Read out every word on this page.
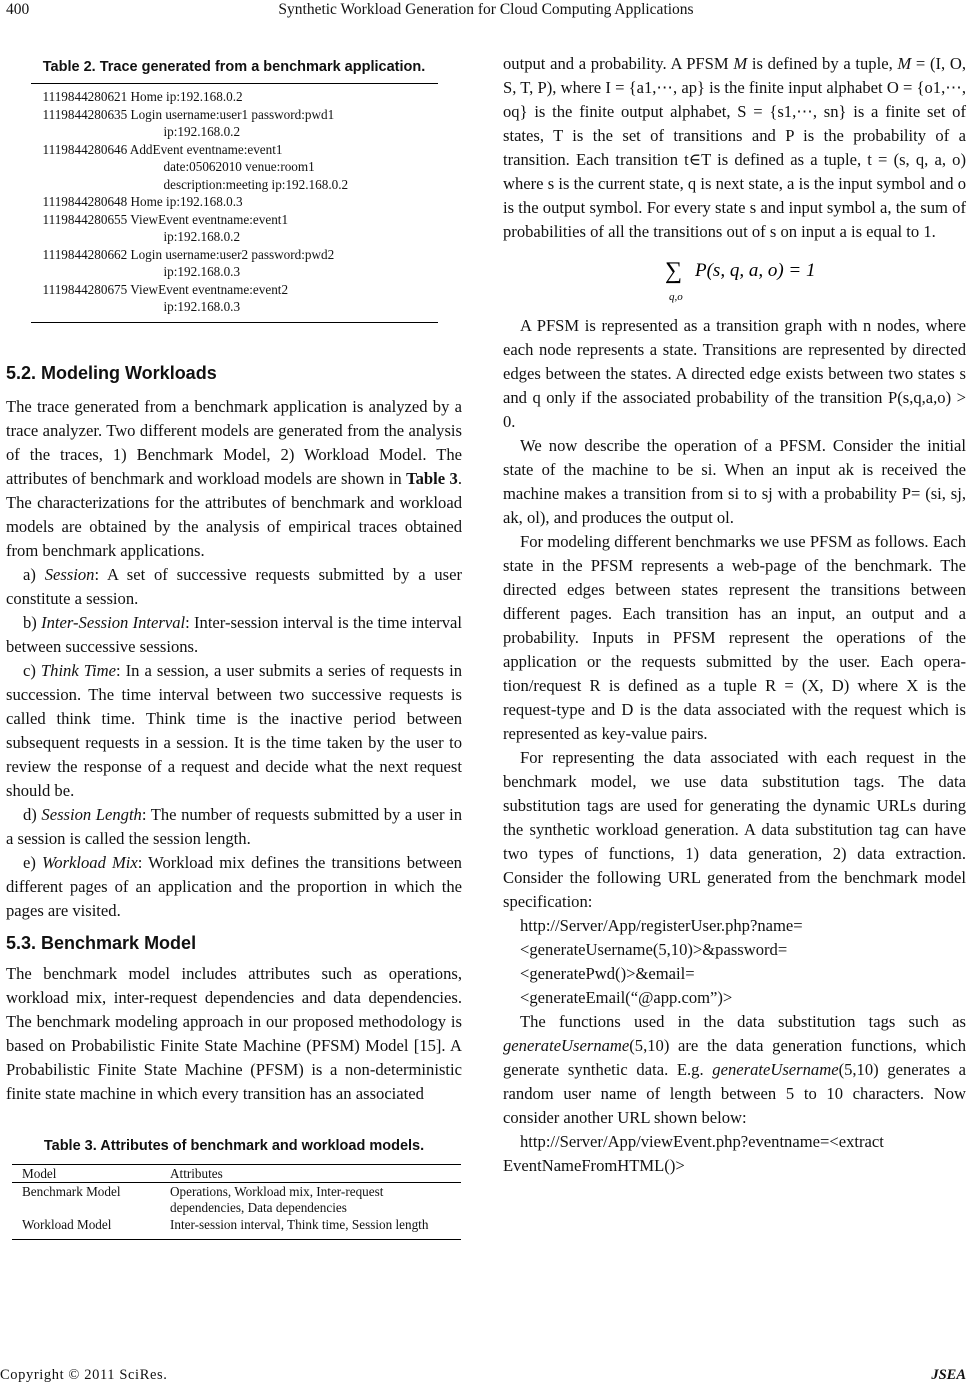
400	Synthetic Workload Generation for Cloud Computing Applications
Table 2. Trace generated from a benchmark application.
1119844280621 Home ip:192.168.0.2
1119844280635 Login username:user1 password:pwd1
ip:192.168.0.2
1119844280646 AddEvent eventname:event1
date:05062010 venue:room1
description:meeting ip:192.168.0.2
1119844280648 Home ip:192.168.0.3
1119844280655 ViewEvent eventname:event1
ip:192.168.0.2
1119844280662 Login username:user2 password:pwd2
ip:192.168.0.3
1119844280675 ViewEvent eventname:event2
ip:192.168.0.3
5.2. Modeling Workloads

The trace generated from a benchmark application is analyzed by a trace analyzer. Two different models are generated from the analysis of the traces, 1) Benchmark Model, 2) Workload Model. The attributes of benchmark and workload models are shown in Table 3. The characterizations for the attributes of benchmark and workload models are obtained by the analysis of empirical traces obtained from benchmark applications.

a) Session: A set of successive requests submitted by a user constitute a session.

b) Inter-Session Interval: Inter-session interval is the time interval between successive sessions.

c) Think Time: In a session, a user submits a series of requests in succession. The time interval between two successive requests is called think time. Think time is the inactive period between subsequent requests in a session. It is the time taken by the user to review the response of a request and decide what the next request should be.

d) Session Length: The number of requests submitted by a user in a session is called the session length.

e) Workload Mix: Workload mix defines the transitions between different pages of an application and the proportion in which the pages are visited.

5.3. Benchmark Model

The benchmark model includes attributes such as operations, workload mix, inter-request dependencies and data dependencies. The benchmark modeling approach in our proposed methodology is based on Probabilistic Finite State Machine (PFSM) Model [15]. A Probabilistic Finite State Machine (PFSM) is a non-deterministic finite state machine in which every transition has an associated

Table 3. Attributes of benchmark and workload models.
Model	Attributes
Benchmark Model	Operations, Workload mix, Inter-request dependencies, Data dependencies
Workload Model	Inter-session interval, Think time, Session length

output and a probability. A PFSM M is defined by a tuple, M = (I, O, S, T, P), where I = {a1,⋯, ap} is the finite input alphabet O = {o1,⋯, oq} is the finite output alphabet, S = {s1,⋯, sn} is a finite set of states, T is the set of transitions and P is the probability of a transition. Each transition t∈T is defined as a tuple, t = (s, q, a, o) where s is the current state, q is next state, a is the input symbol and o is the output symbol. For every state s and input symbol a, the sum of probabilities of all the transitions out of s on input a is equal to 1.

∑
q,o
P(s, q, a, o) = 1

A PFSM is represented as a transition graph with n nodes, where each node represents a state. Transitions are represented by directed edges between the states. A directed edge exists between two states s and q only if the associated probability of the transition P(s,q,a,o) > 0.

We now describe the operation of a PFSM. Consider the initial state of the machine to be si. When an input ak is received the machine makes a transition from si to sj with a probability P= (si, sj, ak, ol), and produces the output ol.

For modeling different benchmarks we use PFSM as follows. Each state in the PFSM represents a web-page of the benchmark. The directed edges between states represent the transitions between different pages. Each transition has an input, an output and a probability. Inputs in PFSM represent the operations of the application or the requests submitted by the user. Each operation/request R is defined as a tuple R = (X, D) where X is the request-type and D is the data associated with the request which is represented as key-value pairs.

For representing the data associated with each request in the benchmark model, we use data substitution tags. The data substitution tags are used for generating the dynamic URLs during the synthetic workload generation. A data substitution tag can have two types of functions, 1) data generation, 2) data extraction. Consider the following URL generated from the benchmark model specification:

http://Server/App/registerUser.php?name=
<generateUsername(5,10)>&password=
<generatePwd()>&email=
<generateEmail(“@app.com”)>

The functions used in the data substitution tags such as generateUsername(5,10) are the data generation functions, which generate synthetic data. E.g. generateUsername(5,10) generates a random user name of length between 5 to 10 characters. Now consider another URL shown below:

http://Server/App/viewEvent.php?eventname=<extract
EventNameFromHTML()>
Copyright © 2011 SciRes.	JSEA
